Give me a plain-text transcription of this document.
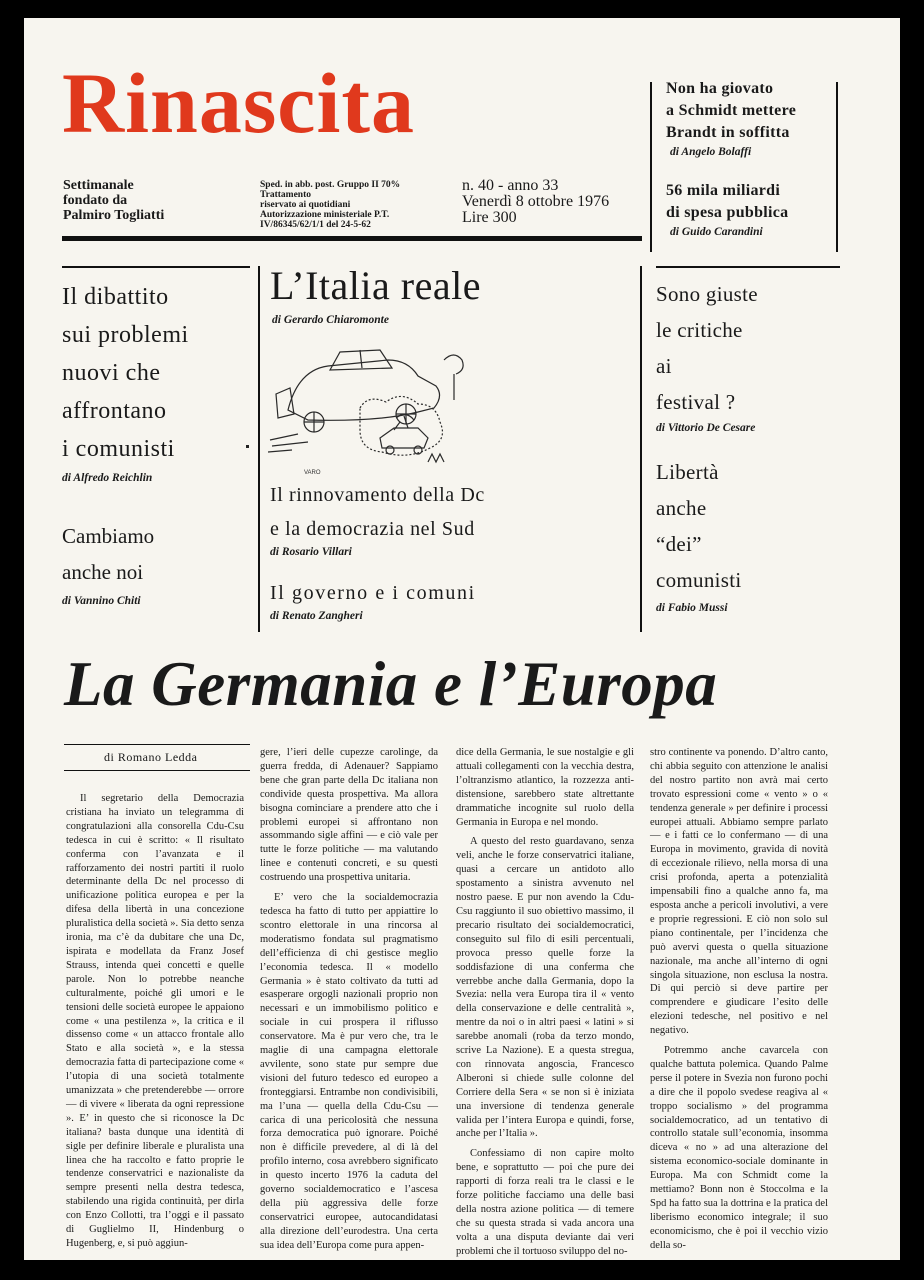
Rinascita
Settimanale
fondato da
Palmiro Togliatti
Sped. in abb. post. Gruppo II 70%
Trattamento
riservato ai quotidiani
Autorizzazione ministeriale P.T.
IV/86345/62/1/1 del 24-5-62
n. 40 - anno 33
Venerdì 8 ottobre 1976
Lire 300
Non ha giovato
a Schmidt mettere
Brandt in soffitta
di Angelo Bolaffi
56 mila miliardi
di spesa pubblica
di Guido Carandini
Il dibattito
sui problemi
nuovi che
affrontano
i comunisti
di Alfredo Reichlin
Cambiamo
anche noi
di Vannino Chiti
L’Italia reale
di Gerardo Chiaromonte
VARO
Il rinnovamento della Dc
e la democrazia nel Sud
di Rosario Villari
Il governo e i comuni
di Renato Zangheri
Sono giuste
le critiche
ai
festival ?
di Vittorio De Cesare
Libertà
anche
“dei”
comunisti
di Fabio Mussi
La Germania e l’Europa
di Romano Ledda

Il segretario della Democrazia cristiana ha inviato un telegramma di congratulazioni alla consorella Cdu-Csu tedesca in cui è scritto: « Il risultato conferma con l’avanzata e il rafforzamento dei nostri partiti il ruolo determinante della Dc nel processo di unificazione politica europea e per la difesa della libertà in una concezione pluralistica della società ». Sia detto senza ironia, ma c’è da dubitare che una Dc, ispirata e modellata da Franz Josef Strauss, intenda quei concetti e quelle parole. Non lo potrebbe neanche culturalmente, poiché gli umori e le tensioni delle società europee le appaiono come « una pestilenza », la critica e il dissenso come « un attacco frontale allo Stato e alla società », e la stessa democrazia fatta di partecipazione come « l’utopia di una società totalmente umanizzata » che pretenderebbe — orrore — di vivere « liberata da ogni repressione ». E’ in questo che si riconosce la Dc italiana? basta dunque una identità di sigle per definire liberale e pluralista una linea che ha raccolto e fatto proprie le tendenze conservatrici e nazionaliste da sempre presenti nella destra tedesca, stabilendo una rigida continuità, per dirla con Enzo Collotti, tra l’oggi e il passato di Guglielmo II, Hindenburg o Hugenberg, e, si può aggiun-

gere, l’ieri delle cupezze carolinge, da guerra fredda, di Adenauer? Sappiamo bene che gran parte della Dc italiana non condivide questa prospettiva. Ma allora bisogna cominciare a prendere atto che i problemi europei si affrontano non assommando sigle affini — e ciò vale per tutte le forze politiche — ma valutando linee e contenuti concreti, e su questi costruendo una prospettiva unitaria.

E’ vero che la socialdemocrazia tedesca ha fatto di tutto per appiattire lo scontro elettorale in una rincorsa al moderatismo fondata sul pragmatismo dell’efficienza di chi gestisce meglio l’economia tedesca. Il « modello Germania » è stato coltivato da tutti ad esasperare orgogli nazionali proprio non necessari e un immobilismo politico e sociale in cui prospera il riflusso conservatore. Ma è pur vero che, tra le maglie di una campagna elettorale avvilente, sono state pur sempre due visioni del futuro tedesco ed europeo a fronteggiarsi. Entrambe non condivisibili, ma l’una — quella della Cdu-Csu — carica di una pericolosità che nessuna forza democratica può ignorare. Poiché non è difficile prevedere, al di là del profilo interno, cosa avrebbero significato in questo incerto 1976 la caduta del governo socialdemocratico e l’ascesa della più aggressiva delle forze conservatrici europee, autocandidatasi alla direzione dell’eurodestra. Una certa sua idea dell’Europa come pura appen-

dice della Germania, le sue nostalgie e gli attuali collegamenti con la vecchia destra, l’oltranzismo atlantico, la rozzezza anti-distensione, sarebbero state altrettante drammatiche incognite sul ruolo della Germania in Europa e nel mondo.

A questo del resto guardavano, senza veli, anche le forze conservatrici italiane, quasi a cercare un antidoto allo spostamento a sinistra avvenuto nel nostro paese. E pur non avendo la Cdu-Csu raggiunto il suo obiettivo massimo, il precario risultato dei socialdemocratici, conseguito sul filo di esili percentuali, provoca presso quelle forze la soddisfazione di una conferma che verrebbe anche dalla Germania, dopo la Svezia: nella vera Europa tira il « vento della conservazione e delle centralità », mentre da noi o in altri paesi « latini » si sarebbe anomali (roba da terzo mondo, scrive La Nazione). E a questa stregua, con rinnovata angoscia, Francesco Alberoni si chiede sulle colonne del Corriere della Sera « se non si è iniziata una inversione di tendenza generale valida per l’intera Europa e quindi, forse, anche per l’Italia ».

Confessiamo di non capire molto bene, e soprattutto — poi che pure dei rapporti di forza reali tra le classi e le forze politiche facciamo una delle basi della nostra azione politica — di temere che su questa strada si vada ancora una volta a una disputa deviante dai veri problemi che il tortuoso sviluppo del no-

stro continente va ponendo. D’altro canto, chi abbia seguito con attenzione le analisi del nostro partito non avrà mai certo trovato espressioni come « vento » o « tendenza generale » per definire i processi europei attuali. Abbiamo sempre parlato — e i fatti ce lo confermano — di una Europa in movimento, gravida di novità di eccezionale rilievo, nella morsa di una crisi profonda, aperta a potenzialità impensabili fino a qualche anno fa, ma esposta anche a pericoli involutivi, a vere e proprie regressioni. E ciò non solo sul piano continentale, per l’incidenza che può avervi questa o quella situazione nazionale, ma anche all’interno di ogni singola situazione, non esclusa la nostra. Di qui perciò si deve partire per comprendere e giudicare l’esito delle elezioni tedesche, nel positivo e nel negativo.

Potremmo anche cavarcela con qualche battuta polemica. Quando Palme perse il potere in Svezia non furono pochi a dire che il popolo svedese reagiva al « troppo socialismo » del programma socialdemocratico, ad un tentativo di controllo statale sull’economia, insomma diceva « no » ad una alterazione del sistema economico-sociale dominante in Europa. Ma con Schmidt come la mettiamo? Bonn non è Stoccolma e la Spd ha fatto sua la dottrina e la pratica del liberismo economico integrale; il suo economicismo, che è poi il vecchio vizio della so-
